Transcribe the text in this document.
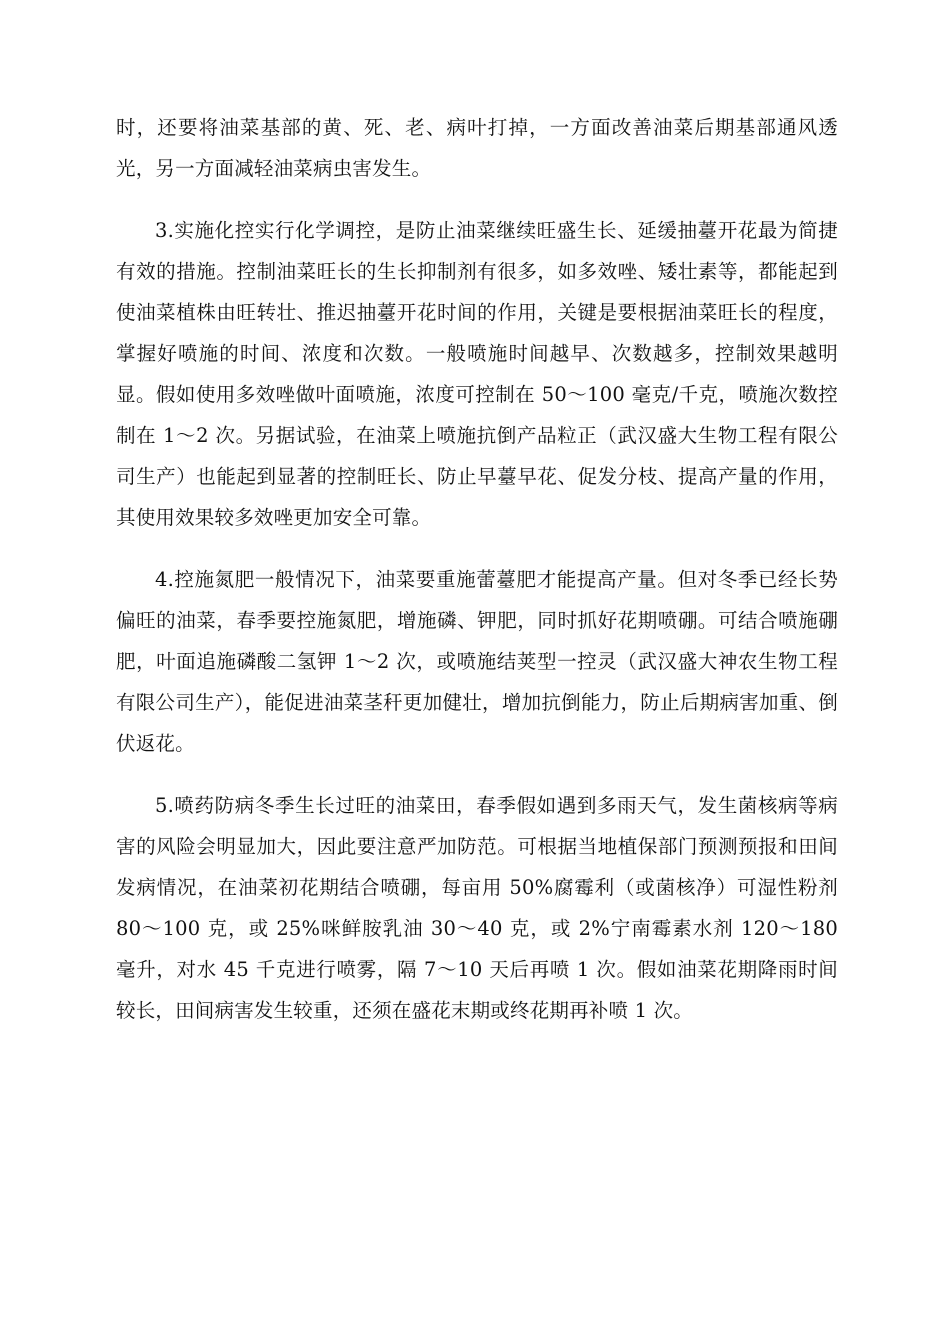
时，还要将油菜基部的黄、死、老、病叶打掉，一方面改善油菜后期基部通风透光，另一方面减轻油菜病虫害发生。

3.实施化控实行化学调控，是防止油菜继续旺盛生长、延缓抽薹开花最为简捷有效的措施。控制油菜旺长的生长抑制剂有很多，如多效唑、矮壮素等，都能起到使油菜植株由旺转壮、推迟抽薹开花时间的作用，关键是要根据油菜旺长的程度，掌握好喷施的时间、浓度和次数。一般喷施时间越早、次数越多，控制效果越明显。假如使用多效唑做叶面喷施，浓度可控制在 50～100 毫克/千克，喷施次数控制在 1～2 次。另据试验，在油菜上喷施抗倒产品粒正（武汉盛大生物工程有限公司生产）也能起到显著的控制旺长、防止早薹早花、促发分枝、提高产量的作用，其使用效果较多效唑更加安全可靠。

4.控施氮肥一般情况下，油菜要重施蕾薹肥才能提高产量。但对冬季已经长势偏旺的油菜，春季要控施氮肥，增施磷、钾肥，同时抓好花期喷硼。可结合喷施硼肥，叶面追施磷酸二氢钾 1～2 次，或喷施结荚型一控灵（武汉盛大神农生物工程有限公司生产），能促进油菜茎秆更加健壮，增加抗倒能力，防止后期病害加重、倒伏返花。

5.喷药防病冬季生长过旺的油菜田，春季假如遇到多雨天气，发生菌核病等病害的风险会明显加大，因此要注意严加防范。可根据当地植保部门预测预报和田间发病情况，在油菜初花期结合喷硼，每亩用 50%腐霉利（或菌核净）可湿性粉剂 80～100 克，或 25%咪鲜胺乳油 30～40 克，或 2%宁南霉素水剂 120～180 毫升，对水 45 千克进行喷雾，隔 7～10 天后再喷 1 次。假如油菜花期降雨时间较长，田间病害发生较重，还须在盛花末期或终花期再补喷 1 次。
